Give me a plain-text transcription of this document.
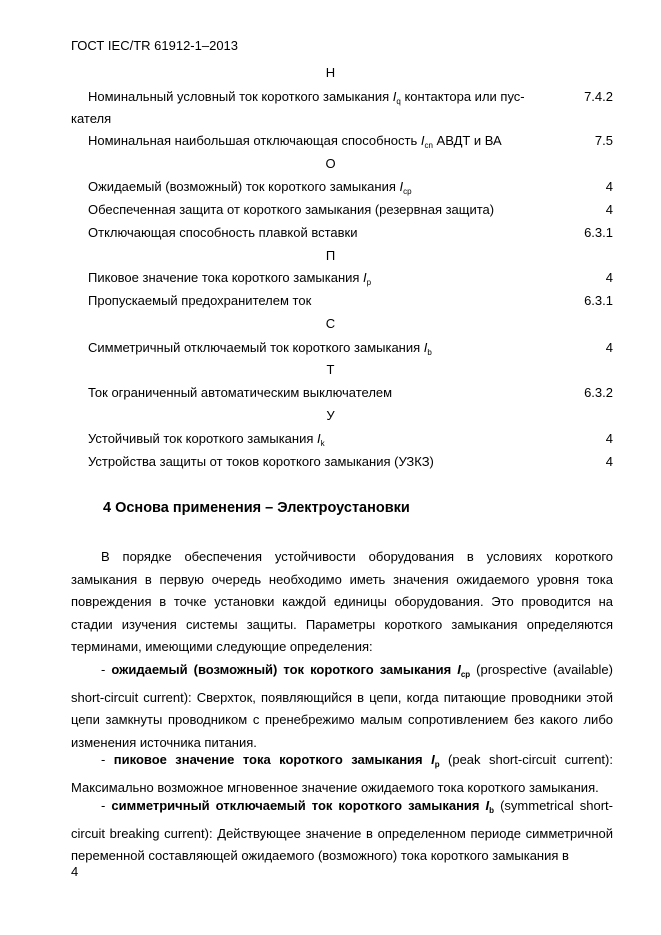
ГОСТ IEC/TR 61912-1–2013
Н
Номинальный условный ток короткого замыкания $I_q$ контактора или пус-	7.4.2
кателя
Номинальная наибольшая отключающая способность $I_{cn}$ АВДТ и ВА	7.5
О
Ожидаемый (возможный) ток короткого замыкания $I_{cp}$	4
Обеспеченная защита от короткого замыкания (резервная защита)	4
Отключающая способность плавкой вставки	6.3.1
П
Пиковое значение тока короткого замыкания $I_p$	4
Пропускаемый предохранителем ток	6.3.1
С
Симметричный отключаемый ток короткого замыкания $I_b$	4
Т
Ток ограниченный автоматическим выключателем	6.3.2
У
Устойчивый ток короткого замыкания $I_k$	4
Устройства защиты от токов короткого замыкания (УЗКЗ)	4
4 Основа применения – Электроустановки

В порядке обеспечения устойчивости оборудования в условиях короткого замыкания в первую очередь необходимо иметь значения ожидаемого уровня тока повреждения в точке установки каждой единицы оборудования. Это проводится на стадии изучения системы защиты. Параметры короткого замыкания определяются терминами, имеющими следующие определения:

- ожидаемый (возможный) ток короткого замыкания $I_{cp}$ (prospective (available) short-circuit current): Сверхток, появляющийся в цепи, когда питающие проводники этой цепи замкнуты проводником с пренебрежимо малым сопротивлением без какого либо изменения источника питания.

- пиковое значение тока короткого замыкания $I_p$ (peak short-circuit current): Максимально возможное мгновенное значение ожидаемого тока короткого замыкания.

- симметричный отключаемый ток короткого замыкания $I_b$ (symmetrical short-circuit breaking current): Действующее значение в определенном периоде симметричной переменной составляющей ожидаемого (возможного) тока короткого замыкания в

4
